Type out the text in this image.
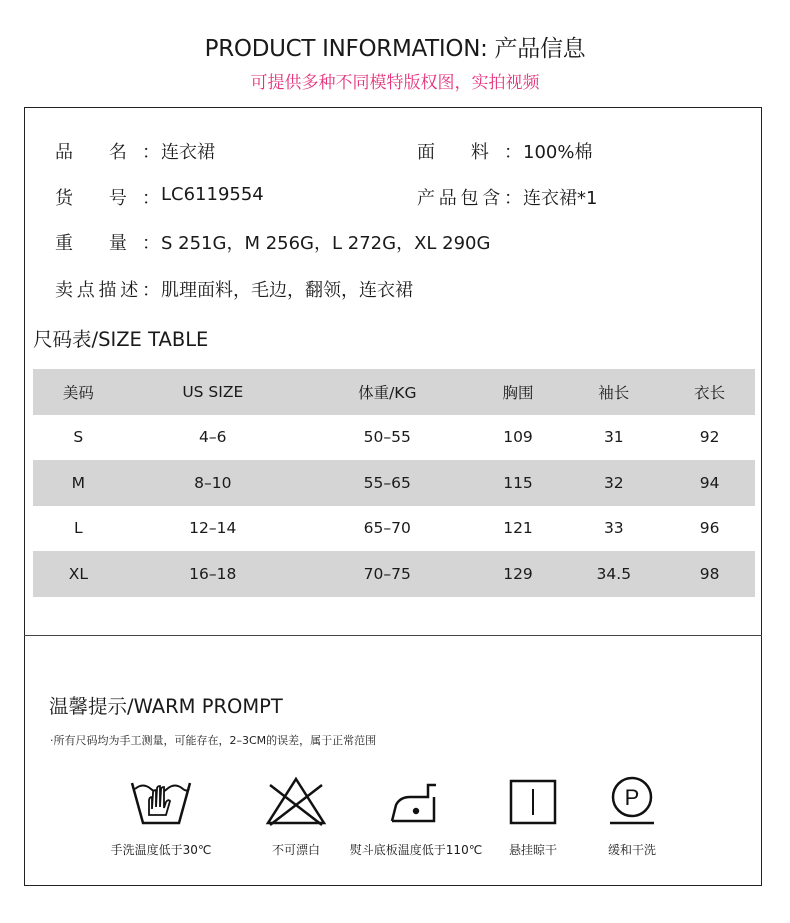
PRODUCT INFORMATION: 产品信息
可提供多种不同模特版权图，实拍视频
品 名： 连衣裙	面 料： 100%棉
货 号： LC6119554	产品包含： 连衣裙*1
重 量： S 251G，M 256G，L 272G，XL 290G
卖点描述： 肌理面料，毛边，翻领，连衣裙
尺码表/SIZE TABLE
美码	US SIZE	体重/KG	胸围	袖长	衣长
S	4–6	50–55	109	31	92
M	8–10	55–65	115	32	94
L	12–14	65–70	121	33	96
XL	16–18	70–75	129	34.5	98
温馨提示/WARM PROMPT
·所有尺码均为手工测量，可能存在，2–3CM的误差，属于正常范围
手洗温度低于30℃	不可漂白	熨斗底板温度低于110℃	悬挂晾干
P
缓和干洗
